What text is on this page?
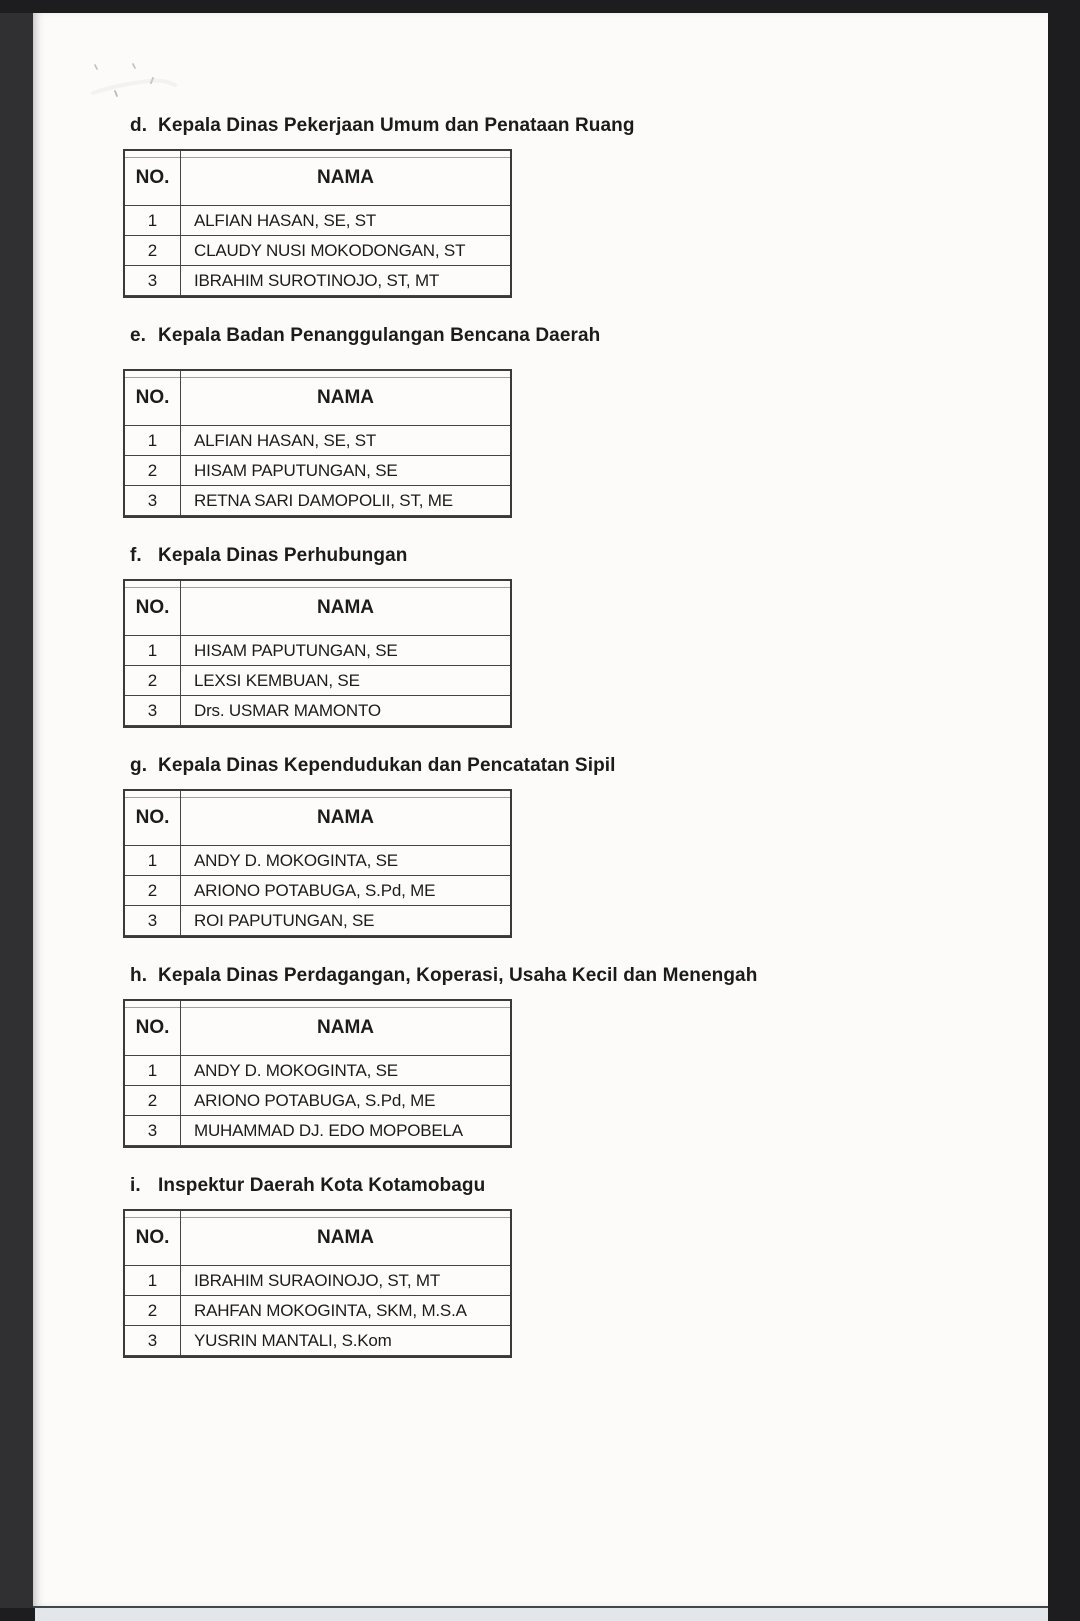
d. Kepala Dinas Pekerjaan Umum dan Penataan Ruang
NO.	NAMA
1	ALFIAN HASAN, SE, ST
2	CLAUDY NUSI MOKODONGAN, ST
3	IBRAHIM SUROTINOJO, ST, MT

e. Kepala Badan Penanggulangan Bencana Daerah
NO.	NAMA
1	ALFIAN HASAN, SE, ST
2	HISAM PAPUTUNGAN, SE
3	RETNA SARI DAMOPOLII, ST, ME

f. Kepala Dinas Perhubungan
NO.	NAMA
1	HISAM PAPUTUNGAN, SE
2	LEXSI KEMBUAN, SE
3	Drs. USMAR MAMONTO

g. Kepala Dinas Kependudukan dan Pencatatan Sipil
NO.	NAMA
1	ANDY D. MOKOGINTA, SE
2	ARIONO POTABUGA, S.Pd, ME
3	ROI PAPUTUNGAN, SE

h. Kepala Dinas Perdagangan, Koperasi, Usaha Kecil dan Menengah
NO.	NAMA
1	ANDY D. MOKOGINTA, SE
2	ARIONO POTABUGA, S.Pd, ME
3	MUHAMMAD DJ. EDO MOPOBELA

i. Inspektur Daerah Kota Kotamobagu
NO.	NAMA
1	IBRAHIM SURAOINOJO, ST, MT
2	RAHFAN MOKOGINTA, SKM, M.S.A
3	YUSRIN MANTALI, S.Kom
